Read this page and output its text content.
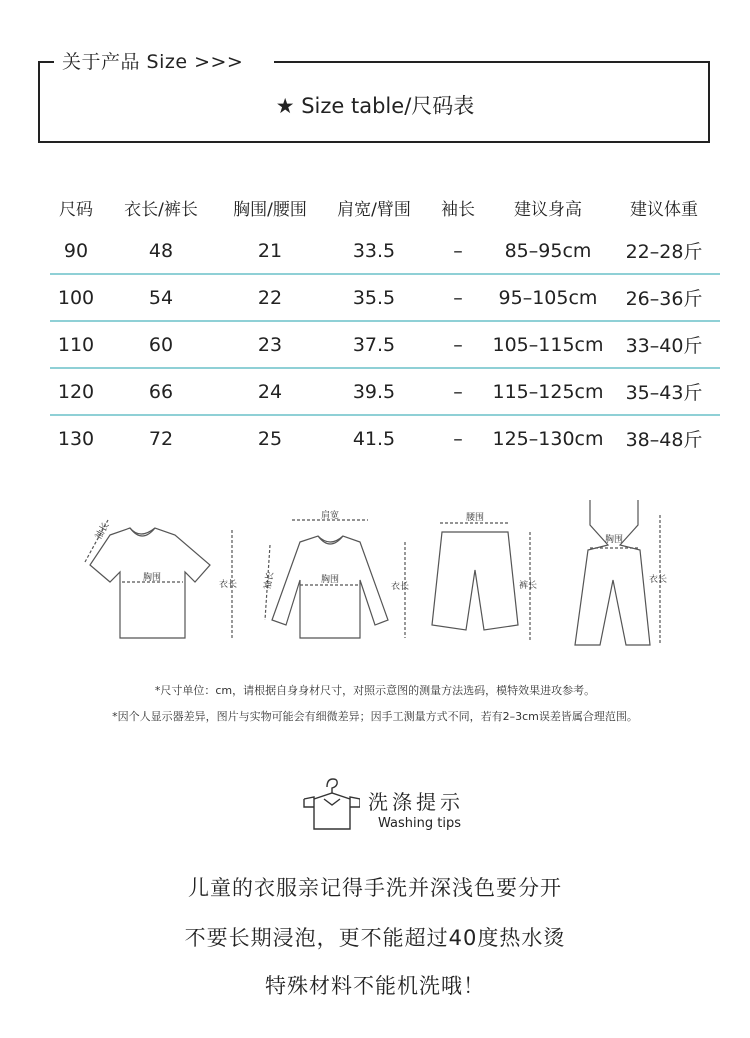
关于产品 Size >>>
★ Size table/尺码表
尺码	衣长/裤长	胸围/腰围	肩宽/臂围	袖长	建议身高	建议体重
90	48	21	33.5	–	85–95cm	22–28斤
100	54	22	35.5	–	95–105cm	26–36斤
110	60	23	37.5	–	105–115cm	33–40斤
120	66	24	39.5	–	115–125cm	35–43斤
130	72	25	41.5	–	125–130cm	38–48斤
袖长
胸围
衣长
肩宽
袖长	胸围
衣长
腰围
裤长
胸围
衣长
*尺寸单位：cm，请根据自身身材尺寸，对照示意图的测量方法选码，模特效果进攻参考。
*因个人显示器差异，图片与实物可能会有细微差异；因手工测量方式不同，若有2–3cm误差皆属合理范围。
洗涤提示
Washing tips
儿童的衣服亲记得手洗并深浅色要分开
不要长期浸泡，更不能超过40度热水烫
特殊材料不能机洗哦！
